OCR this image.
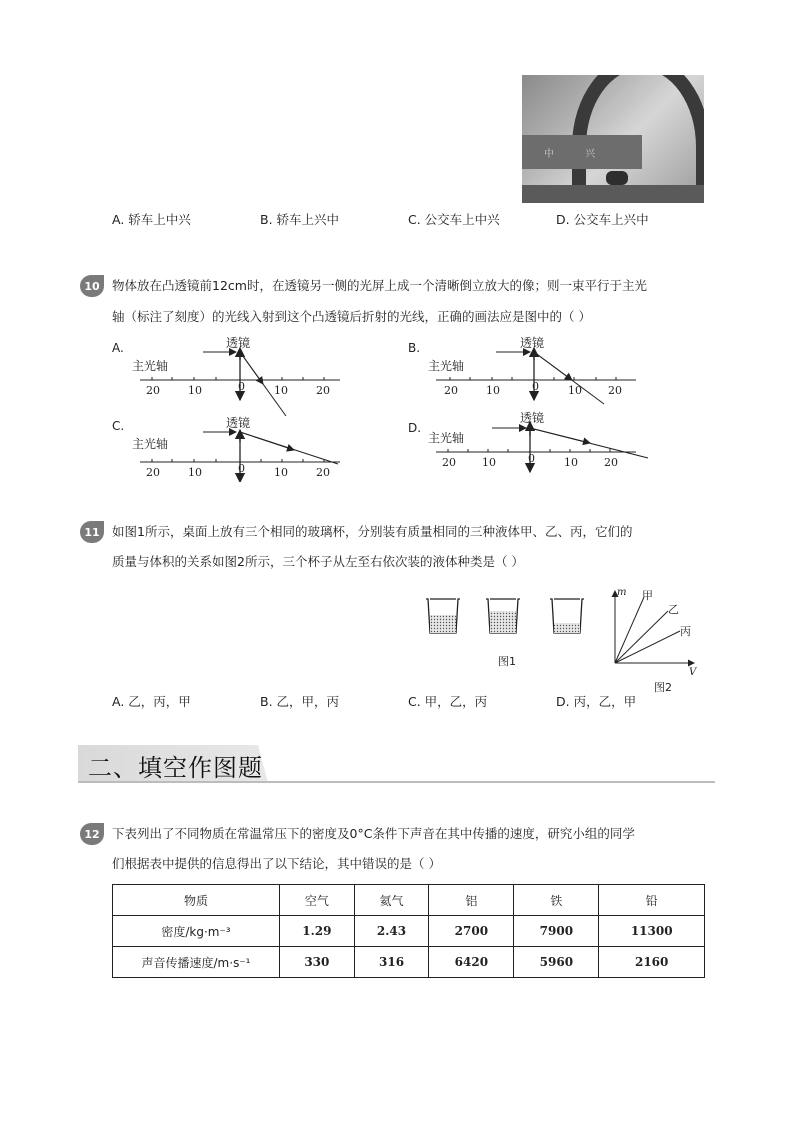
中 兴
A. 轿车上中兴	B. 轿车上兴中	C. 公交车上中兴	D. 公交车上兴中
10 物体放在凸透镜前12cm时，在透镜另一侧的光屏上成一个清晰倒立放大的像；则一束平行于主光
轴（标注了刻度）的光线入射到这个凸透镜后折射的光线，正确的画法应是图中的（ ）
A.
主光轴
透镜
20	10	0	10	20
B.
主光轴
透镜
20	10	0	10 20
C.
主光轴
透镜
20	10	0	10	20
D.
主光轴
透镜
20 10	0	10 20
11 如图1所示，桌面上放有三个相同的玻璃杯，分别装有质量相同的三种液体甲、乙、丙，它们的
质量与体积的关系如图2所示，三个杯子从左至右依次装的液体种类是（ ）
图1
m
V
甲
乙
丙
图2
A. 乙，丙，甲	B. 乙，甲，丙	C. 甲，乙，丙	D. 丙，乙，甲
二、填空作图题
12 下表列出了不同物质在常温常压下的密度及0°C条件下声音在其中传播的速度，研究小组的同学
们根据表中提供的信息得出了以下结论，其中错误的是（ ）
物质	空气	氦气	铝	铁	铅
密度/kg·m⁻³	1.29	2.43	2700	7900	11300
声音传播速度/m·s⁻¹	330	316	6420	5960	2160
